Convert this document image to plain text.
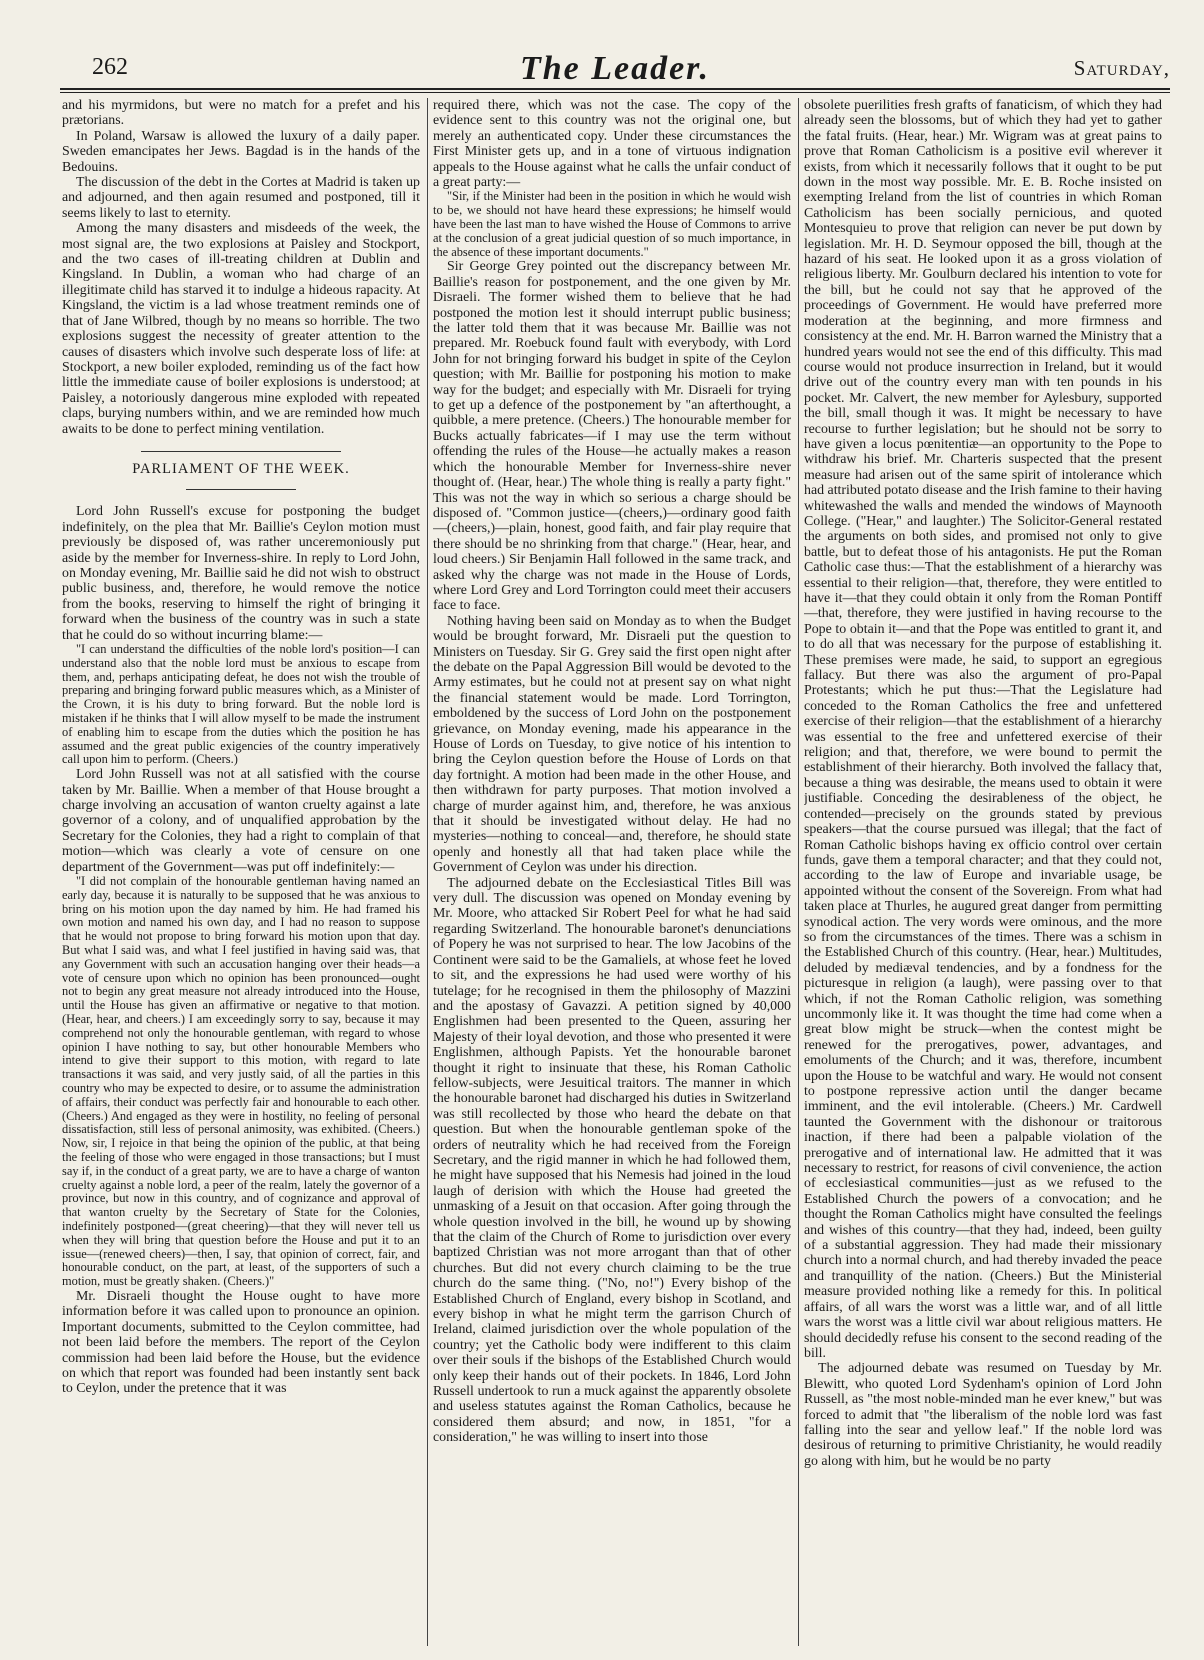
262	The Leader.	Saturday,

and his myrmidons, but were no match for a prefet and his prætorians.

In Poland, Warsaw is allowed the luxury of a daily paper. Sweden emancipates her Jews. Bagdad is in the hands of the Bedouins.

The discussion of the debt in the Cortes at Madrid is taken up and adjourned, and then again resumed and postponed, till it seems likely to last to eternity.

Among the many disasters and misdeeds of the week, the most signal are, the two explosions at Paisley and Stockport, and the two cases of ill-treating children at Dublin and Kingsland. In Dublin, a woman who had charge of an illegitimate child has starved it to indulge a hideous rapacity. At Kingsland, the victim is a lad whose treatment reminds one of that of Jane Wilbred, though by no means so horrible. The two explosions suggest the necessity of greater attention to the causes of disasters which involve such desperate loss of life: at Stockport, a new boiler exploded, reminding us of the fact how little the immediate cause of boiler explosions is understood; at Paisley, a notoriously dangerous mine exploded with repeated claps, burying numbers within, and we are reminded how much awaits to be done to perfect mining ventilation.

PARLIAMENT OF THE WEEK.

Lord John Russell's excuse for postponing the budget indefinitely, on the plea that Mr. Baillie's Ceylon motion must previously be disposed of, was rather unceremoniously put aside by the member for Inverness-shire. In reply to Lord John, on Monday evening, Mr. Baillie said he did not wish to obstruct public business, and, therefore, he would remove the notice from the books, reserving to himself the right of bringing it forward when the business of the country was in such a state that he could do so without incurring blame:—

"I can understand the difficulties of the noble lord's position—I can understand also that the noble lord must be anxious to escape from them, and, perhaps anticipating defeat, he does not wish the trouble of preparing and bringing forward public measures which, as a Minister of the Crown, it is his duty to bring forward. But the noble lord is mistaken if he thinks that I will allow myself to be made the instrument of enabling him to escape from the duties which the position he has assumed and the great public exigencies of the country imperatively call upon him to perform. (Cheers.)

Lord John Russell was not at all satisfied with the course taken by Mr. Baillie. When a member of that House brought a charge involving an accusation of wanton cruelty against a late governor of a colony, and of unqualified approbation by the Secretary for the Colonies, they had a right to complain of that motion—which was clearly a vote of censure on one department of the Government—was put off indefinitely:—

"I did not complain of the honourable gentleman having named an early day, because it is naturally to be supposed that he was anxious to bring on his motion upon the day named by him. He had framed his own motion and named his own day, and I had no reason to suppose that he would not propose to bring forward his motion upon that day. But what I said was, and what I feel justified in having said was, that any Government with such an accusation hanging over their heads—a vote of censure upon which no opinion has been pronounced—ought not to begin any great measure not already introduced into the House, until the House has given an affirmative or negative to that motion. (Hear, hear, and cheers.) I am exceedingly sorry to say, because it may comprehend not only the honourable gentleman, with regard to whose opinion I have nothing to say, but other honourable Members who intend to give their support to this motion, with regard to late transactions it was said, and very justly said, of all the parties in this country who may be expected to desire, or to assume the administration of affairs, their conduct was perfectly fair and honourable to each other. (Cheers.) And engaged as they were in hostility, no feeling of personal dissatisfaction, still less of personal animosity, was exhibited. (Cheers.) Now, sir, I rejoice in that being the opinion of the public, at that being the feeling of those who were engaged in those transactions; but I must say if, in the conduct of a great party, we are to have a charge of wanton cruelty against a noble lord, a peer of the realm, lately the governor of a province, but now in this country, and of cognizance and approval of that wanton cruelty by the Secretary of State for the Colonies, indefinitely postponed—(great cheering)—that they will never tell us when they will bring that question before the House and put it to an issue—(renewed cheers)—then, I say, that opinion of correct, fair, and honourable conduct, on the part, at least, of the supporters of such a motion, must be greatly shaken. (Cheers.)"

Mr. Disraeli thought the House ought to have more information before it was called upon to pronounce an opinion. Important documents, submitted to the Ceylon committee, had not been laid before the members. The report of the Ceylon commission had been laid before the House, but the evidence on which that report was founded had been instantly sent back to Ceylon, under the pretence that it was

required there, which was not the case. The copy of the evidence sent to this country was not the original one, but merely an authenticated copy. Under these circumstances the First Minister gets up, and in a tone of virtuous indignation appeals to the House against what he calls the unfair conduct of a great party:—

"Sir, if the Minister had been in the position in which he would wish to be, we should not have heard these expressions; he himself would have been the last man to have wished the House of Commons to arrive at the conclusion of a great judicial question of so much importance, in the absence of these important documents."

Sir George Grey pointed out the discrepancy between Mr. Baillie's reason for postponement, and the one given by Mr. Disraeli. The former wished them to believe that he had postponed the motion lest it should interrupt public business; the latter told them that it was because Mr. Baillie was not prepared. Mr. Roebuck found fault with everybody, with Lord John for not bringing forward his budget in spite of the Ceylon question; with Mr. Baillie for postponing his motion to make way for the budget; and especially with Mr. Disraeli for trying to get up a defence of the postponement by "an afterthought, a quibble, a mere pretence. (Cheers.) The honourable member for Bucks actually fabricates—if I may use the term without offending the rules of the House—he actually makes a reason which the honourable Member for Inverness-shire never thought of. (Hear, hear.) The whole thing is really a party fight." This was not the way in which so serious a charge should be disposed of. "Common justice—(cheers,)—ordinary good faith—(cheers,)—plain, honest, good faith, and fair play require that there should be no shrinking from that charge." (Hear, hear, and loud cheers.) Sir Benjamin Hall followed in the same track, and asked why the charge was not made in the House of Lords, where Lord Grey and Lord Torrington could meet their accusers face to face.

Nothing having been said on Monday as to when the Budget would be brought forward, Mr. Disraeli put the question to Ministers on Tuesday. Sir G. Grey said the first open night after the debate on the Papal Aggression Bill would be devoted to the Army estimates, but he could not at present say on what night the financial statement would be made. Lord Torrington, emboldened by the success of Lord John on the postponement grievance, on Monday evening, made his appearance in the House of Lords on Tuesday, to give notice of his intention to bring the Ceylon question before the House of Lords on that day fortnight. A motion had been made in the other House, and then withdrawn for party purposes. That motion involved a charge of murder against him, and, therefore, he was anxious that it should be investigated without delay. He had no mysteries—nothing to conceal—and, therefore, he should state openly and honestly all that had taken place while the Government of Ceylon was under his direction.

The adjourned debate on the Ecclesiastical Titles Bill was very dull. The discussion was opened on Monday evening by Mr. Moore, who attacked Sir Robert Peel for what he had said regarding Switzerland. The honourable baronet's denunciations of Popery he was not surprised to hear. The low Jacobins of the Continent were said to be the Gamaliels, at whose feet he loved to sit, and the expressions he had used were worthy of his tutelage; for he recognised in them the philosophy of Mazzini and the apostasy of Gavazzi. A petition signed by 40,000 Englishmen had been presented to the Queen, assuring her Majesty of their loyal devotion, and those who presented it were Englishmen, although Papists. Yet the honourable baronet thought it right to insinuate that these, his Roman Catholic fellow-subjects, were Jesuitical traitors. The manner in which the honourable baronet had discharged his duties in Switzerland was still recollected by those who heard the debate on that question. But when the honourable gentleman spoke of the orders of neutrality which he had received from the Foreign Secretary, and the rigid manner in which he had followed them, he might have supposed that his Nemesis had joined in the loud laugh of derision with which the House had greeted the unmasking of a Jesuit on that occasion. After going through the whole question involved in the bill, he wound up by showing that the claim of the Church of Rome to jurisdiction over every baptized Christian was not more arrogant than that of other churches. But did not every church claiming to be the true church do the same thing. ("No, no!") Every bishop of the Established Church of England, every bishop in Scotland, and every bishop in what he might term the garrison Church of Ireland, claimed jurisdiction over the whole population of the country; yet the Catholic body were indifferent to this claim over their souls if the bishops of the Established Church would only keep their hands out of their pockets. In 1846, Lord John Russell undertook to run a muck against the apparently obsolete and useless statutes against the Roman Catholics, because he considered them absurd; and now, in 1851, "for a consideration," he was willing to insert into those

obsolete puerilities fresh grafts of fanaticism, of which they had already seen the blossoms, but of which they had yet to gather the fatal fruits. (Hear, hear.) Mr. Wigram was at great pains to prove that Roman Catholicism is a positive evil wherever it exists, from which it necessarily follows that it ought to be put down in the most way possible. Mr. E. B. Roche insisted on exempting Ireland from the list of countries in which Roman Catholicism has been socially pernicious, and quoted Montesquieu to prove that religion can never be put down by legislation. Mr. H. D. Seymour opposed the bill, though at the hazard of his seat. He looked upon it as a gross violation of religious liberty. Mr. Goulburn declared his intention to vote for the bill, but he could not say that he approved of the proceedings of Government. He would have preferred more moderation at the beginning, and more firmness and consistency at the end. Mr. H. Barron warned the Ministry that a hundred years would not see the end of this difficulty. This mad course would not produce insurrection in Ireland, but it would drive out of the country every man with ten pounds in his pocket. Mr. Calvert, the new member for Aylesbury, supported the bill, small though it was. It might be necessary to have recourse to further legislation; but he should not be sorry to have given a locus pœnitentiæ—an opportunity to the Pope to withdraw his brief. Mr. Charteris suspected that the present measure had arisen out of the same spirit of intolerance which had attributed potato disease and the Irish famine to their having whitewashed the walls and mended the windows of Maynooth College. ("Hear," and laughter.) The Solicitor-General restated the arguments on both sides, and promised not only to give battle, but to defeat those of his antagonists. He put the Roman Catholic case thus:—That the establishment of a hierarchy was essential to their religion—that, therefore, they were entitled to have it—that they could obtain it only from the Roman Pontiff—that, therefore, they were justified in having recourse to the Pope to obtain it—and that the Pope was entitled to grant it, and to do all that was necessary for the purpose of establishing it. These premises were made, he said, to support an egregious fallacy. But there was also the argument of pro-Papal Protestants; which he put thus:—That the Legislature had conceded to the Roman Catholics the free and unfettered exercise of their religion—that the establishment of a hierarchy was essential to the free and unfettered exercise of their religion; and that, therefore, we were bound to permit the establishment of their hierarchy. Both involved the fallacy that, because a thing was desirable, the means used to obtain it were justifiable. Conceding the desirableness of the object, he contended—precisely on the grounds stated by previous speakers—that the course pursued was illegal; that the fact of Roman Catholic bishops having ex officio control over certain funds, gave them a temporal character; and that they could not, according to the law of Europe and invariable usage, be appointed without the consent of the Sovereign. From what had taken place at Thurles, he augured great danger from permitting synodical action. The very words were ominous, and the more so from the circumstances of the times. There was a schism in the Established Church of this country. (Hear, hear.) Multitudes, deluded by mediæval tendencies, and by a fondness for the picturesque in religion (a laugh), were passing over to that which, if not the Roman Catholic religion, was something uncommonly like it. It was thought the time had come when a great blow might be struck—when the contest might be renewed for the prerogatives, power, advantages, and emoluments of the Church; and it was, therefore, incumbent upon the House to be watchful and wary. He would not consent to postpone repressive action until the danger became imminent, and the evil intolerable. (Cheers.) Mr. Cardwell taunted the Government with the dishonour or traitorous inaction, if there had been a palpable violation of the prerogative and of international law. He admitted that it was necessary to restrict, for reasons of civil convenience, the action of ecclesiastical communities—just as we refused to the Established Church the powers of a convocation; and he thought the Roman Catholics might have consulted the feelings and wishes of this country—that they had, indeed, been guilty of a substantial aggression. They had made their missionary church into a normal church, and had thereby invaded the peace and tranquillity of the nation. (Cheers.) But the Ministerial measure provided nothing like a remedy for this. In political affairs, of all wars the worst was a little war, and of all little wars the worst was a little civil war about religious matters. He should decidedly refuse his consent to the second reading of the bill.

The adjourned debate was resumed on Tuesday by Mr. Blewitt, who quoted Lord Sydenham's opinion of Lord John Russell, as "the most noble-minded man he ever knew," but was forced to admit that "the liberalism of the noble lord was fast falling into the sear and yellow leaf." If the noble lord was desirous of returning to primitive Christianity, he would readily go along with him, but he would be no party
